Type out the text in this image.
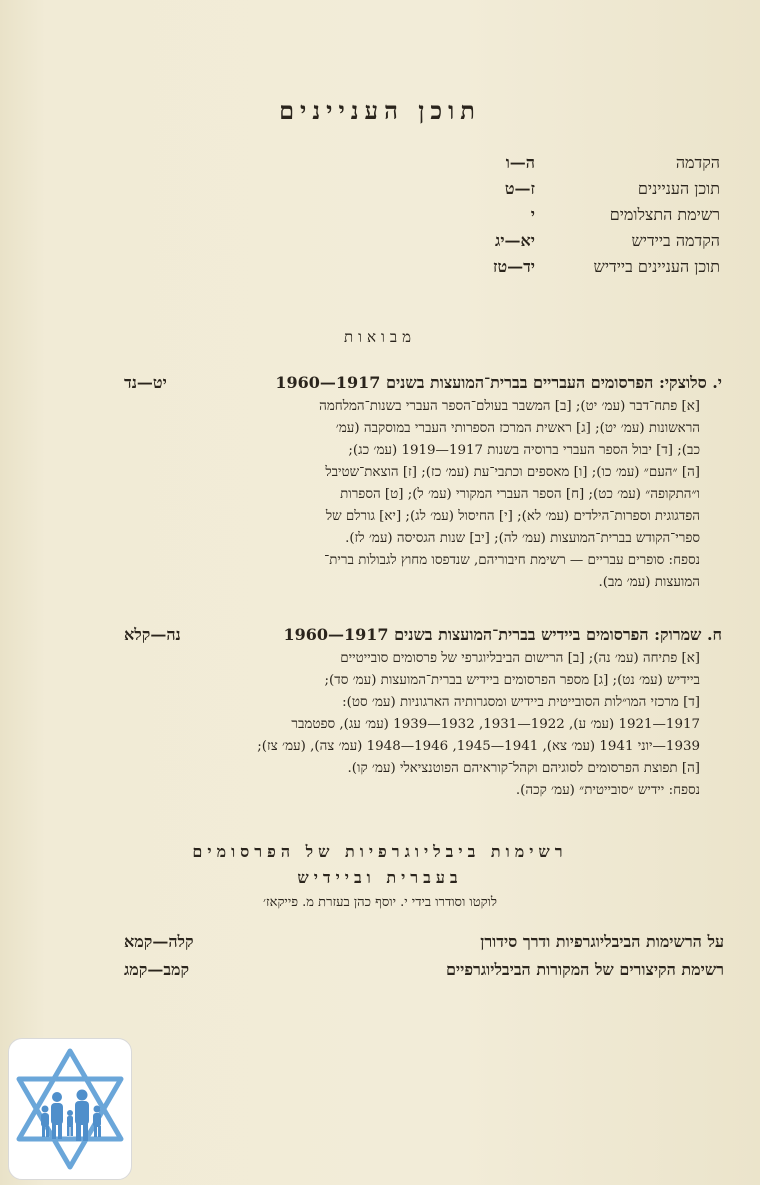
תוכן העניינים
הקדמה
ה—ו
תוכן העניינים
ז—ט
רשימת התצלומים
י
הקדמה ביידיש
יא—יג
תוכן העניינים ביידיש
יד—טז
מבואות
י. סלוצקי: הפרסומים העבריים בברית־המועצות בשנים 1917—1960
יט—נד
[א] פתח־דבר (עמ׳ יט); [ב] המשבר בעולם־הספר העברי בשנות־המלחמה
הראשונות (עמ׳ יט); [ג] ראשית המרכז הספרותי העברי במוסקבה (עמ׳
כב); [ד] יבול הספר העברי ברוסיה בשנות 1917—1919 (עמ׳ כג);
[ה] ״העם״ (עמ׳ כו); [ו] מאספים וכתבי־עת (עמ׳ כז); [ז] הוצאת־שטיבל
ו״התקופה״ (עמ׳ כט); [ח] הספר העברי המקורי (עמ׳ ל); [ט] הספרות
הפדגוגית וספרות־הילדים (עמ׳ לא); [י] החיסול (עמ׳ לג); [יא] גורלם של
ספרי־הקודש בברית־המועצות (עמ׳ לה); [יב] שנות הגסיסה (עמ׳ לז).
נספח: סופרים עבריים — רשימת חיבוריהם, שנדפסו מחוץ לגבולות ברית־
המועצות (עמ׳ מב).
ח. שמרוק: הפרסומים ביידיש בברית־המועצות בשנים 1917—1960
נה—קלא
[א] פתיחה (עמ׳ נה); [ב] הרישום הביבליוגרפי של פרסומים סובייטיים
ביידיש (עמ׳ נט); [ג] מספר הפרסומים ביידיש בברית־המועצות (עמ׳ סד);
[ד] מרכזי המו״לות הסובייטית ביידיש ומסגרותיה הארגוניות (עמ׳ סט):
1917—1921 (עמ׳ ע), 1922—1931, 1932—1939 (עמ׳ עג), ספטמבר
1939—יוני 1941 (עמ׳ צא), 1941—1945, 1946—1948 (עמ׳ צה), (עמ׳ צז);
[ה] תפוצת הפרסומים לסוגיהם וקהל־קוראיהם הפוטנציאלי (עמ׳ קו).
נספח: יידיש ״סובייטית״ (עמ׳ קכה).
רשימות ביבליוגרפיות של הפרסומים
בעברית וביידיש
לוקטו וסודרו בידי י. יוסף כהן בעזרת מ. פייקאז׳
על הרשימות הביבליוגרפיות ודרך סידורן
קלה—קמא
רשימת הקיצורים של המקורות הביבליוגרפיים
קמב—קמג
